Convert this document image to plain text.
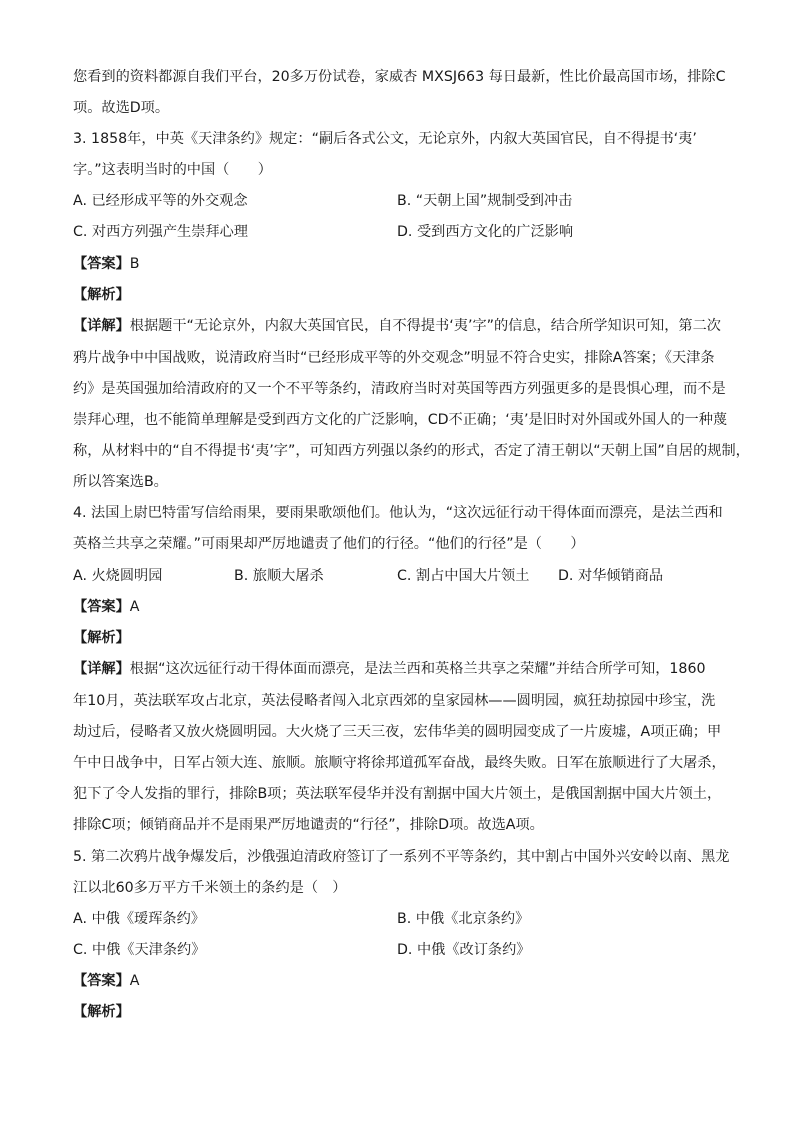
您看到的资料都源自我们平台，20多万份试卷，家威杏 MXSJ663 每日最新，性比价最高国市场，排除C
项。故选D项。
3. 1858年，中英《天津条约》规定：“嗣后各式公文，无论京外，内叙大英国官民，自不得提书‘夷’
字。”这表明当时的中国（　　）
A. 已经形成平等的外交观念	B. “天朝上国”规制受到冲击
C. 对西方列强产生崇拜心理	D. 受到西方文化的广泛影响
【答案】B
【解析】
【详解】根据题干“无论京外，内叙大英国官民，自不得提书‘夷’字”的信息，结合所学知识可知，第二次
鸦片战争中中国战败，说清政府当时“已经形成平等的外交观念”明显不符合史实，排除A答案；《天津条
约》是英国强加给清政府的又一个不平等条约，清政府当时对英国等西方列强更多的是畏惧心理，而不是
崇拜心理，也不能简单理解是受到西方文化的广泛影响，CD不正确；‘夷’是旧时对外国或外国人的一种蔑
称，从材料中的“自不得提书‘夷’字”，可知西方列强以条约的形式，否定了清王朝以“天朝上国”自居的规制，
所以答案选B。
4. 法国上尉巴特雷写信给雨果，要雨果歌颂他们。他认为，“这次远征行动干得体面而漂亮，是法兰西和
英格兰共享之荣耀。”可雨果却严厉地谴责了他们的行径。“他们的行径”是（　　）
A. 火烧圆明园	B. 旅顺大屠杀	C. 割占中国大片领土 D. 对华倾销商品
【答案】A
【解析】
【详解】根据“这次远征行动干得体面而漂亮，是法兰西和英格兰共享之荣耀”并结合所学可知，1860
年10月，英法联军攻占北京，英法侵略者闯入北京西郊的皇家园林——圆明园，疯狂劫掠园中珍宝，洗
劫过后，侵略者又放火烧圆明园。大火烧了三天三夜，宏伟华美的圆明园变成了一片废墟，A项正确；甲
午中日战争中，日军占领大连、旅顺。旅顺守将徐邦道孤军奋战，最终失败。日军在旅顺进行了大屠杀，
犯下了令人发指的罪行，排除B项；英法联军侵华并没有割据中国大片领土，是俄国割据中国大片领土，
排除C项；倾销商品并不是雨果严厉地谴责的“行径”，排除D项。故选A项。
5. 第二次鸦片战争爆发后，沙俄强迫清政府签订了一系列不平等条约，其中割占中国外兴安岭以南、黑龙
江以北60多万平方千米领土的条约是（　）
A. 中俄《瑷珲条约》	B. 中俄《北京条约》
C. 中俄《天津条约》	D. 中俄《改订条约》
【答案】A
【解析】
